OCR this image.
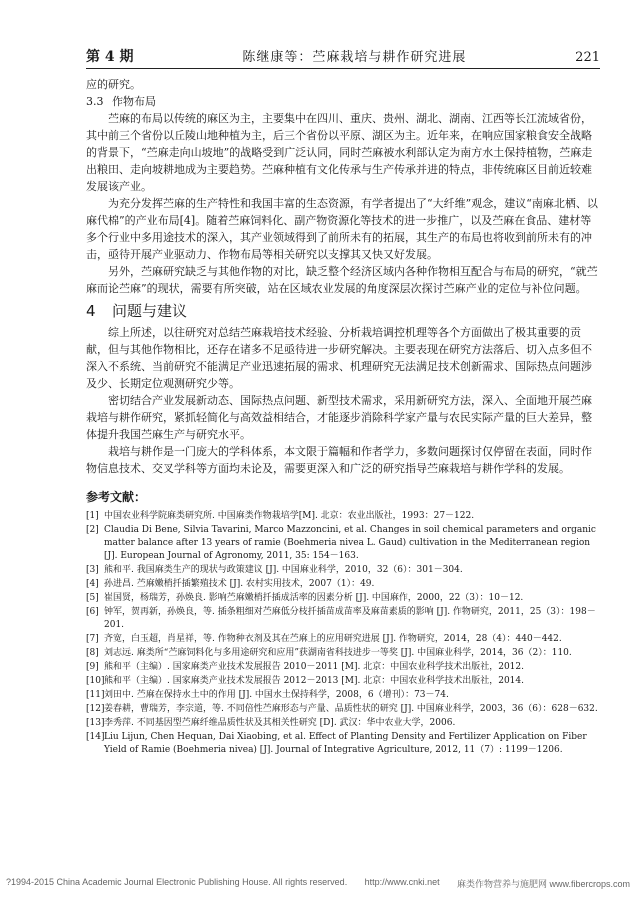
第 4 期	陈继康等：苎麻栽培与耕作研究进展	221

应的研究。

3.3 作物布局

苎麻的布局以传统的麻区为主，主要集中在四川、重庆、贵州、湖北、湖南、江西等长江流域省份，其中前三个省份以丘陵山地种植为主，后三个省份以平原、湖区为主。近年来，在响应国家粮食安全战略的背景下，“苎麻走向山坡地”的战略受到广泛认同，同时苎麻被水利部认定为南方水土保持植物，苎麻走出粮田、走向坡耕地成为主要趋势。苎麻种植有文化传承与生产传承并进的特点，非传统麻区目前近较难发展该产业。

为充分发挥苎麻的生产特性和我国丰富的生态资源，有学者提出了“大纤维”观念，建议“南麻北栖、以麻代棉”的产业布局[4]。随着苎麻饲料化、副产物资源化等技术的进一步推广，以及苎麻在食品、建材等多个行业中多用途技术的深入，其产业领域得到了前所未有的拓展，其生产的布局也将收到前所未有的冲击，亟待开展产业驱动力、作物布局等相关研究以支撑其又快又好发展。

另外，苎麻研究缺乏与其他作物的对比，缺乏整个经济区域内各种作物相互配合与布局的研究，“就苎麻而论苎麻”的现状，需要有所突破，站在区域农业发展的角度深层次探讨苎麻产业的定位与补位问题。

4 问题与建议

综上所述，以往研究对总结苎麻栽培技术经验、分析栽培调控机理等各个方面做出了极其重要的贡献，但与其他作物相比，还存在诸多不足亟待进一步研究解决。主要表现在研究方法落后、切入点多但不深入不系统、当前研究不能满足产业迅速拓展的需求、机理研究无法满足技术创新需求、国际热点问题涉及少、长期定位观测研究少等。

密切结合产业发展新动态、国际热点问题、新型技术需求，采用新研究方法，深入、全面地开展苎麻栽培与耕作研究，紧抓轻简化与高效益相结合，才能逐步消除科学家产量与农民实际产量的巨大差异，整体提升我国苎麻生产与研究水平。

栽培与耕作是一门庞大的学科体系，本文限于篇幅和作者学力，多数问题探讨仅停留在表面，同时作物信息技术、交叉学科等方面均未论及，需要更深入和广泛的研究指导苎麻栽培与耕作学科的发展。

参考文献：
[1] 中国农业科学院麻类研究所. 中国麻类作物栽培学[M]. 北京：农业出版社，1993：27－122.
[2] Claudia Di Bene, Silvia Tavarini, Marco Mazzoncini, et al. Changes in soil chemical parameters and organic matter balance after 13 years of ramie (Boehmeria nivea L. Gaud) cultivation in the Mediterranean region [J]. European Journal of Agronomy, 2011, 35: 154－163.
[3] 熊和平. 我国麻类生产的现状与政策建议 [J]. 中国麻业科学，2010，32（6）：301－304.
[4] 孙进昌. 苎麻嫩梢扦插繁殖技术 [J]. 农村实用技术，2007（1）：49.
[5] 崔国贤，杨瑞芳，孙焕良. 影响苎麻嫩梢扦插成活率的因素分析 [J]. 中国麻作，2000，22（3）：10－12.
[6] 钟军，贺再新，孙焕良，等. 插条粗细对苎麻低分枝扦插苗成苗率及麻苗素质的影响 [J]. 作物研究，2011，25（3）：198－201.
[7] 齐宽，白玉超，肖星祥，等. 作物种衣剂及其在苎麻上的应用研究进展 [J]. 作物研究，2014，28（4）：440－442.
[8] 刘志远. 麻类所“苎麻饲料化与多用途研究和应用”获湖南省科技进步一等奖 [J]. 中国麻业科学，2014，36（2）：110.
[9] 熊和平（主编）. 国家麻类产业技术发展报告 2010－2011 [M]. 北京：中国农业科学技术出版社，2012.
[10]熊和平（主编）. 国家麻类产业技术发展报告 2012－2013 [M]. 北京：中国农业科学技术出版社，2014.
[11]刘田中. 苎麻在保持水土中的作用 [J]. 中国水土保持科学，2008，6（增刊）：73－74.
[12]姜春耕，曹瑞芳，李宗道，等. 不同倍性苎麻形态与产量、品质性状的研究 [J]. 中国麻业科学，2003，36（6）：628－632.
[13]李秀萍. 不同基因型苎麻纤维品质性状及其相关性研究 [D]. 武汉：华中农业大学，2006.
[14]Liu Lijun, Chen Hequan, Dai Xiaobing, et al. Effect of Planting Density and Fertilizer Application on Fiber Yield of Ramie (Boehmeria nivea) [J]. Journal of Integrative Agriculture, 2012, 11（7）: 1199－1206.
?1994-2015 China Academic Journal Electronic Publishing House. All rights reserved. http://www.cnki.net 麻类作物营养与施肥网 www.fibercrops.com
